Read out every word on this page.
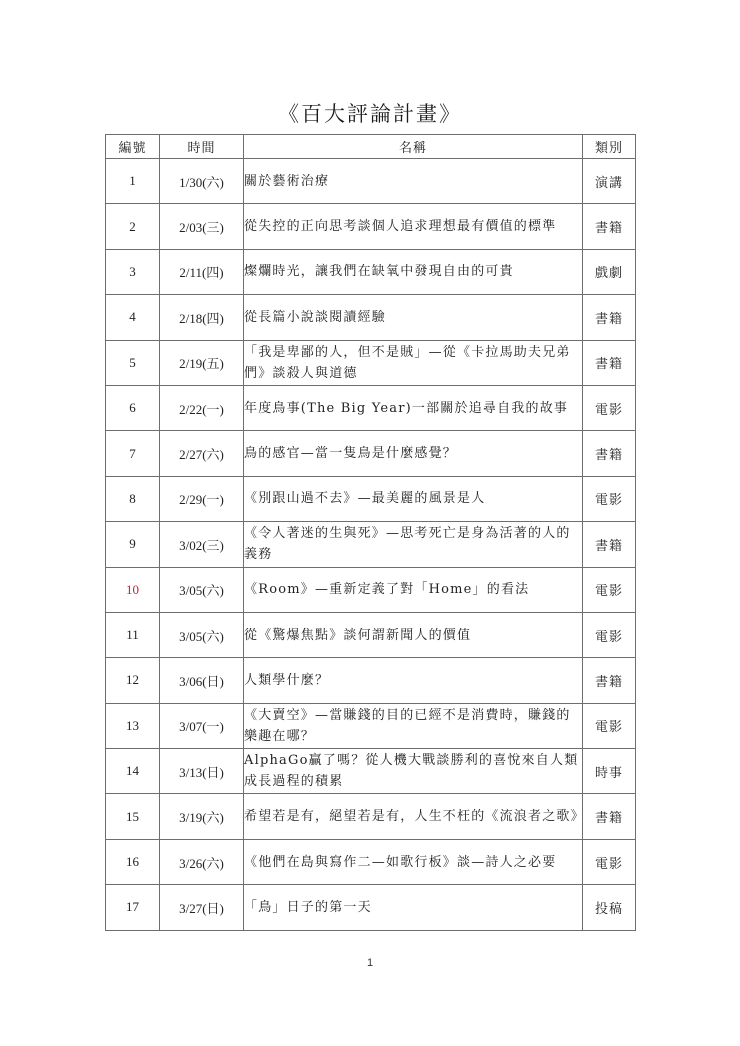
《百大評論計畫》
編號	時間	名稱	類別
1	1/30(六)	關於藝術治療	演講
2	2/03(三)	從失控的正向思考談個人追求理想最有價值的標準	書籍
3	2/11(四)	燦爛時光，讓我們在缺氧中發現自由的可貴	戲劇
4	2/18(四)	從長篇小說談閱讀經驗	書籍
5	2/19(五)	「我是卑鄙的人，但不是賊」—從《卡拉馬助夫兄弟們》談殺人與道德	書籍
6	2/22(一)	年度鳥事(The Big Year)一部關於追尋自我的故事	電影
7	2/27(六)	鳥的感官—當一隻鳥是什麼感覺？	書籍
8	2/29(一)	《別跟山過不去》—最美麗的風景是人	電影
9	3/02(三)	《令人著迷的生與死》—思考死亡是身為活著的人的義務	書籍
10	3/05(六)	《Room》—重新定義了對「Home」的看法	電影
11	3/05(六)	從《驚爆焦點》談何謂新聞人的價值	電影
12	3/06(日)	人類學什麼？	書籍
13	3/07(一)	《大賣空》—當賺錢的目的已經不是消費時，賺錢的樂趣在哪？	電影
14	3/13(日)	AlphaGo贏了嗎？從人機大戰談勝利的喜悅來自人類成長過程的積累	時事
15	3/19(六)	希望若是有，絕望若是有，人生不枉的《流浪者之歌》	書籍
16	3/26(六)	《他們在島與寫作二—如歌行板》談—詩人之必要	電影
17	3/27(日)	「鳥」日子的第一天	投稿
1
